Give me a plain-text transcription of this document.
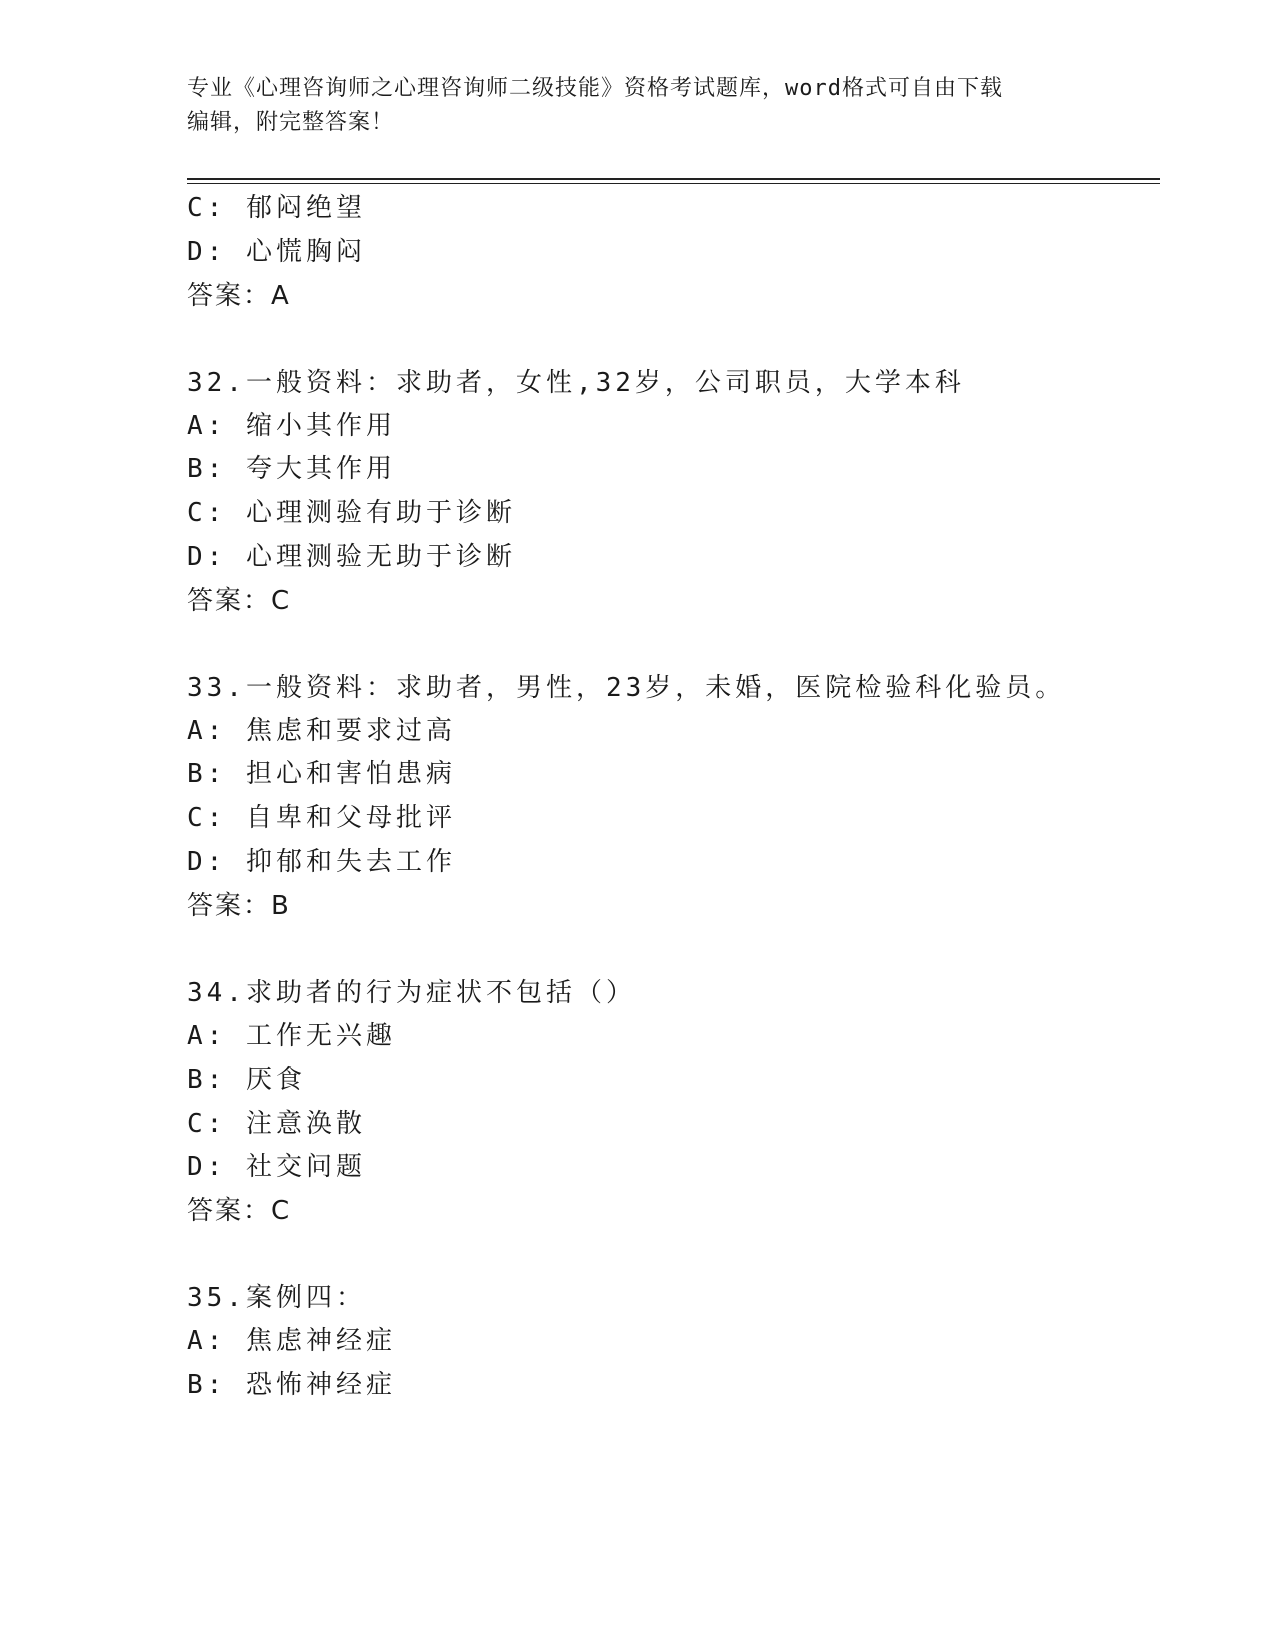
专业《心理咨询师之心理咨询师二级技能》资格考试题库，word格式可自由下载
编辑，附完整答案！
C: 郁闷绝望
D: 心慌胸闷
答案：A
32.一般资料：求助者，女性,32岁，公司职员，大学本科
A: 缩小其作用
B: 夸大其作用
C: 心理测验有助于诊断
D: 心理测验无助于诊断
答案：C
33.一般资料：求助者，男性，23岁，未婚，医院检验科化验员。
A: 焦虑和要求过高
B: 担心和害怕患病
C: 自卑和父母批评
D: 抑郁和失去工作
答案：B
34.求助者的行为症状不包括（）
A: 工作无兴趣
B: 厌食
C: 注意涣散
D: 社交问题
答案：C
35.案例四：
A: 焦虑神经症
B: 恐怖神经症
